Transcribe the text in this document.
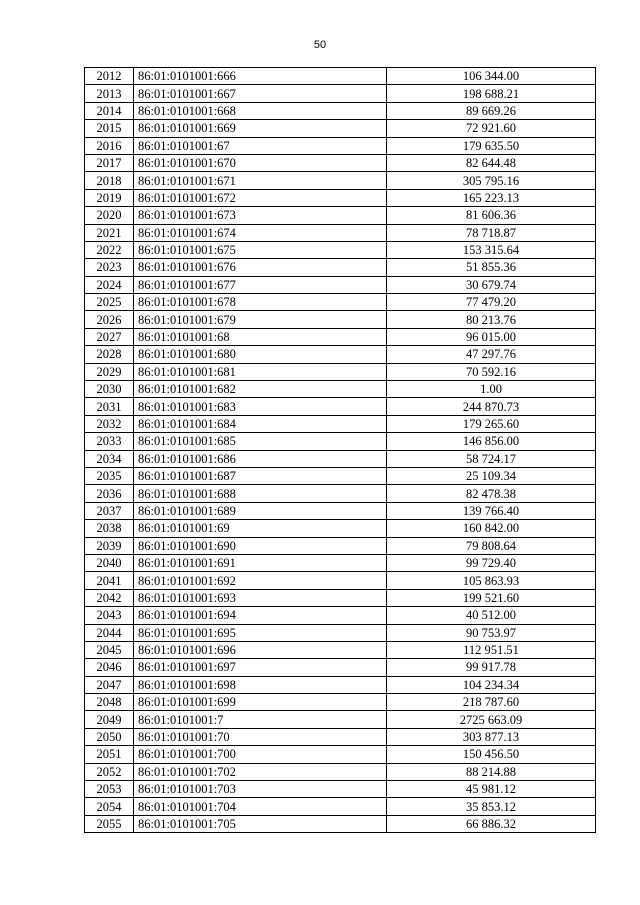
50
2012	86:01:0101001:666	106 344.00
2013	86:01:0101001:667	198 688.21
2014	86:01:0101001:668	89 669.26
2015	86:01:0101001:669	72 921.60
2016	86:01:0101001:67	179 635.50
2017	86:01:0101001:670	82 644.48
2018	86:01:0101001:671	305 795.16
2019	86:01:0101001:672	165 223.13
2020	86:01:0101001:673	81 606.36
2021	86:01:0101001:674	78 718.87
2022	86:01:0101001:675	153 315.64
2023	86:01:0101001:676	51 855.36
2024	86:01:0101001:677	30 679.74
2025	86:01:0101001:678	77 479.20
2026	86:01:0101001:679	80 213.76
2027	86:01:0101001:68	96 015.00
2028	86:01:0101001:680	47 297.76
2029	86:01:0101001:681	70 592.16
2030	86:01:0101001:682	1.00
2031	86:01:0101001:683	244 870.73
2032	86:01:0101001:684	179 265.60
2033	86:01:0101001:685	146 856.00
2034	86:01:0101001:686	58 724.17
2035	86:01:0101001:687	25 109.34
2036	86:01:0101001:688	82 478.38
2037	86:01:0101001:689	139 766.40
2038	86:01:0101001:69	160 842.00
2039	86:01:0101001:690	79 808.64
2040	86:01:0101001:691	99 729.40
2041	86:01:0101001:692	105 863.93
2042	86:01:0101001:693	199 521.60
2043	86:01:0101001:694	40 512.00
2044	86:01:0101001:695	90 753.97
2045	86:01:0101001:696	112 951.51
2046	86:01:0101001:697	99 917.78
2047	86:01:0101001:698	104 234.34
2048	86:01:0101001:699	218 787.60
2049	86:01:0101001:7	2725 663.09
2050	86:01:0101001:70	303 877.13
2051	86:01:0101001:700	150 456.50
2052	86:01:0101001:702	88 214.88
2053	86:01:0101001:703	45 981.12
2054	86:01:0101001:704	35 853.12
2055	86:01:0101001:705	66 886.32
